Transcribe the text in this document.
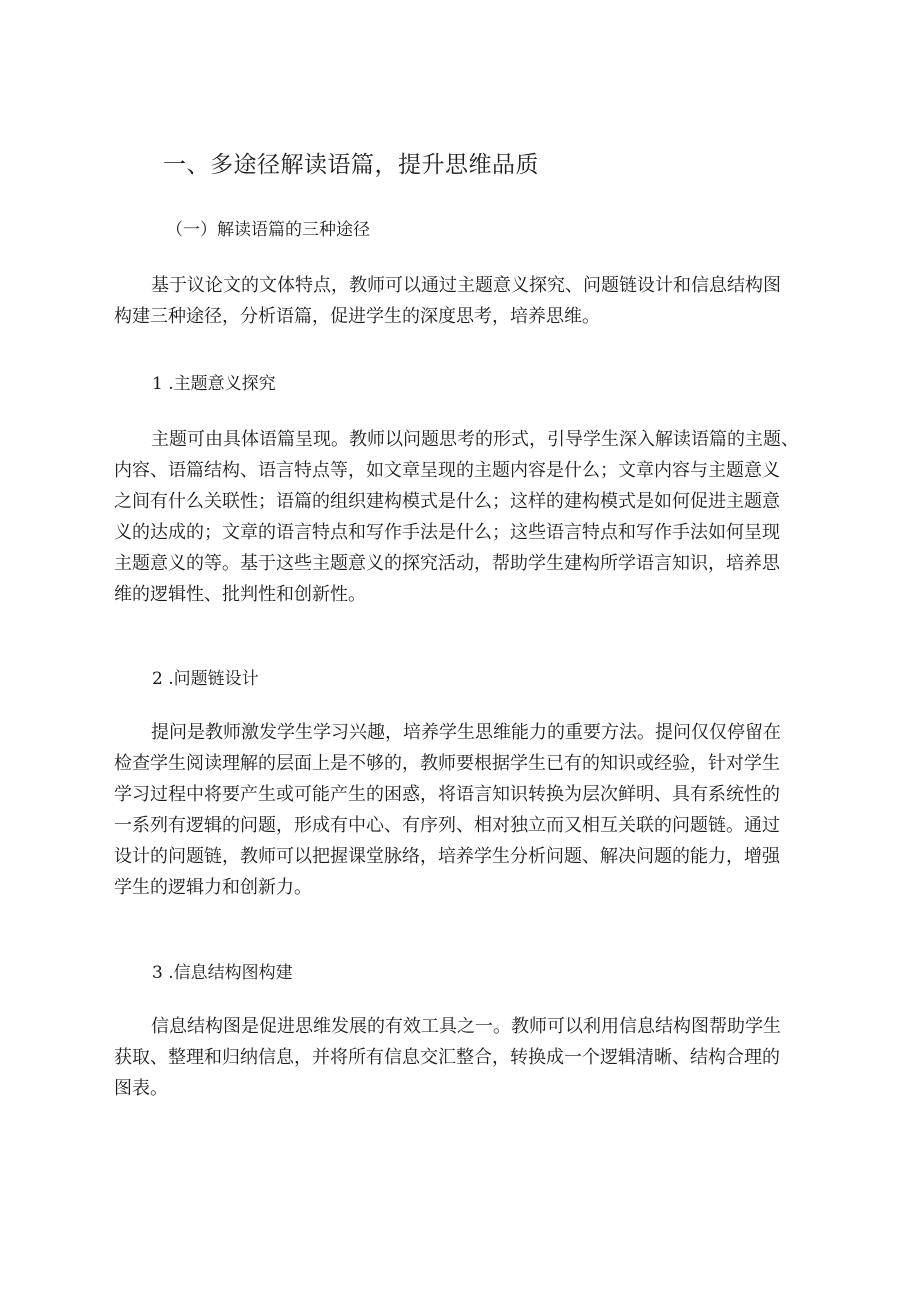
一、多途径解读语篇，提升思维品质
（一）解读语篇的三种途径
基于议论文的文体特点，教师可以通过主题意义探究、问题链设计和信息结构图
构建三种途径，分析语篇，促进学生的深度思考，培养思维。
1 .主题意义探究
主题可由具体语篇呈现。教师以问题思考的形式，引导学生深入解读语篇的主题、
内容、语篇结构、语言特点等，如文章呈现的主题内容是什么；文章内容与主题意义
之间有什么关联性；语篇的组织建构模式是什么；这样的建构模式是如何促进主题意
义的达成的；文章的语言特点和写作手法是什么；这些语言特点和写作手法如何呈现
主题意义的等。基于这些主题意义的探究活动，帮助学生建构所学语言知识，培养思
维的逻辑性、批判性和创新性。
2 .问题链设计
提问是教师激发学生学习兴趣，培养学生思维能力的重要方法。提问仅仅停留在
检查学生阅读理解的层面上是不够的，教师要根据学生已有的知识或经验，针对学生
学习过程中将要产生或可能产生的困惑，将语言知识转换为层次鲜明、具有系统性的
一系列有逻辑的问题，形成有中心、有序列、相对独立而又相互关联的问题链。通过
设计的问题链，教师可以把握课堂脉络，培养学生分析问题、解决问题的能力，增强
学生的逻辑力和创新力。
3 .信息结构图构建
信息结构图是促进思维发展的有效工具之一。教师可以利用信息结构图帮助学生
获取、整理和归纳信息，并将所有信息交汇整合，转换成一个逻辑清晰、结构合理的
图表。
